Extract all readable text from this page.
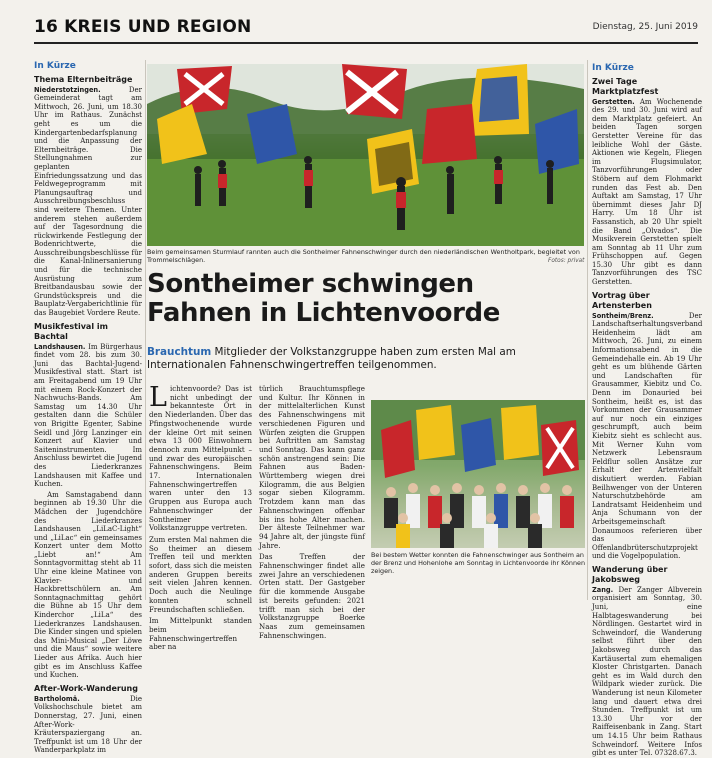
16 KREIS UND REGION	Dienstag, 25. Juni 2019
In Kürze
Thema Elternbeiträge

Niederstotzingen.	Der Gemeinderat tagt am Mittwoch, 26. Juni, um 18.30 Uhr im Rathaus. Zunächst geht es um die Kindergartenbedarfsplanung und die Anpassung der Elternbeiträge. Die Stellungnahmen zur geplanten Einfriedungssatzung und das Feldwegeprogramm mit Planungsauftrag und Ausschreibungsbeschluss sind weitere Themen. Unter anderem stehen außerdem auf der Tagesordnung die rückwirkende Festlegung der Bodenrichtwerte, die Ausschreibungsbeschlüsse für die Kanal-Inlinersanierung und für die technische Ausrüstung zum Breitbandausbau sowie der Grundstückspreis und die Bauplatz-Vergaberichtlinie für das Baugebiet Vordere Reute.

Musikfestival im Bachtal

Landshausen. Im Bürgerhaus findet vom 28. bis zum 30. Juni das Bachtal-Jugend-Musikfestival statt. Start ist am Freitagabend um 19 Uhr mit einem Rock-Konzert der Nachwuchs-Bands. Am Samstag um 14.30 Uhr gestalten dann die Schüler von Brigitte Egenter, Sabine Seidl und Jörg Lanzinger ein Konzert auf Klavier und Saiteninstrumenten. Im Anschluss bewirtet die Jugend des Liederkranzes Landshausen mit Kaffee und Kuchen.

Am Samstagabend dann beginnen ab 19.30 Uhr die Mädchen der Jugendchöre des Liederkranzes Landshausen „LiLaC-Light“ und „LiLac“ ein gemeinsames Konzert unter dem Motto „Liebt an!“ Am Sonntagvormittag steht ab 11 Uhr eine kleine Matinee von Klavier- und Hackbrettschülern an. Am Sonntagnachmittag gehört die Bühne ab 15 Uhr dem Kinderchor „LiLa“ des Liederkranzes Landshausen. Die Kinder singen und spielen das Mini-Musical „Der Löwe und die Maus“ sowie weitere Lieder aus Afrika. Auch hier gibt es im Anschluss Kaffee und Kuchen.

After-Work-Wanderung

Bartholomä.	Die Volkshochschule bietet am Donnerstag, 27. Juni, einen After-Work-Kräuterspaziergang an. Treffpunkt ist um 18 Uhr der Wanderparkplatz im

Beim gemeinsamen Sturmlauf rannten auch die Sontheimer Fahnenschwinger durch den niederländischen Wentholtpark, begleitet von Trommelschlägen.	Fotos: privat
Sontheimer schwingen Fahnen in Lichtenvoorde
Brauchtum Mitglieder der Volkstanzgruppe haben zum ersten Mal am Internationalen Fahnenschwingertreffen teilgenommen.

Lichtenvoorde? Das ist nicht unbedingt der bekannteste Ort in den Niederlanden. Über das Pfingstwochenende wurde der kleine Ort mit seinen etwa 13 000 Einwohnern dennoch zum Mittelpunkt – und zwar des europäischen Fahnenschwingens. Beim 17. Internationalen Fahnenschwingertreffen waren unter den 13 Gruppen aus Europa auch Fahnenschwinger der Sontheimer Volkstanzgruppe vertreten.

Zum ersten Mal nahmen die So theimer an diesem Treffen teil und merkten sofort, dass sich die meisten anderen Gruppen bereits seit vielen Jahren kennen. Doch auch die Neulinge konnten schnell Freundschaften schließen.

Im Mittelpunkt standen beim Fahnenschwingertreffen aber na

türlich Brauchtumspflege und Kultur. Ihr Können in der mittelalterlichen Kunst des Fahnenschwingens mit verschiedenen Figuren und Würfen zeigten die Gruppen bei Auftritten am Samstag und Sonntag. Das kann ganz schön anstrengend sein: Die Fahnen aus Baden-Württemberg wiegen drei Kilogramm, die aus Belgien sogar sieben Kilogramm. Trotzdem kann man das Fahnenschwingen offenbar bis ins hohe Alter machen. Der älteste Teilnehmer war 94 Jahre alt, der jüngste fünf Jahre.

Das Treffen der Fahnenschwinger findet alle zwei Jahre an verschiedenen Orten statt. Der Gastgeber für die kommende Ausgabe ist bereits gefunden: 2021 trifft man sich bei der Volkstanzgruppe Boerke Naas zum gemeinsamen Fahnenschwingen.

Bei bestem Wetter konnten die Fahnenschwinger aus Sontheim an der Brenz und Hohenlohe am Sonntag in Lichtenvoorde ihr Können zeigen.
In Kürze
Zwei Tage Marktplatzfest

Gerstetten. Am Wochenende des 29. und 30. Juni wird auf dem Marktplatz gefeiert. An beiden Tagen sorgen Gerstetter Vereine für das leibliche Wohl der Gäste. Aktionen wie Kegeln, Fliegen im Flugsimulator, Tanzvorführungen oder Stöbern auf dem Flohmarkt runden das Fest ab. Den Auftakt am Samstag, 17 Uhr übernimmt dieses Jahr DJ Harry. Um 18 Uhr ist Fassanstich, ab 20 Uhr spielt die Band „Olvados“. Die Musikverein Gerstetten spielt am Sonntag ab 11 Uhr zum Frühschoppen auf. Gegen 15.30 Uhr gibt es dann Tanzvorführungen des TSC Gerstetten.

Vortrag über Artensterben

Sontheim/Brenz.	Der Landschaftserhaltungsverband Heidenheim lädt am Mittwoch, 26. Juni, zu einem Informationsabend in die Gemeindehalle ein. Ab 19 Uhr geht es um blühende Gärten und Landschaften für Grausammer, Kiebitz und Co. Denn im Donauried bei Sontheim, heißt es, ist das Vorkommen der Grausammer auf nur noch ein einziges geschrumpft, auch beim Kiebitz sieht es schlecht aus. Mit Werner Kuhn vom Netzwerk Lebensraum Feldflur sollen Ansätze zur Erhalt der Artenvielfalt diskutiert werden. Fabian Beilhwenger von der Unteren Naturschutzbehörde am Landratsamt Heidenheim und Anja Schumann von der Arbeitsgemeinschaft Donaumoos referieren über das Offenlandbrüterschutzprojekt und die Vogelpopulation.

Wanderung über Jakobsweg

Zang. Der Zanger Albverein organisiert am Sonntag, 30. Juni, eine Halbtageswanderung bei Nördlingen. Gestartet wird in Schweindorf, die Wanderung selbst führt über den Jakobsweg durch das Kartäusertal zum ehemaligen Kloster Christgarten. Danach geht es im Wald durch den Wildpark wieder zurück. Die Wanderung ist neun Kilometer lang und dauert etwa drei Stunden. Treffpunkt ist um 13.30 Uhr vor der Raiffeisenbank in Zang. Start um 14.15 Uhr beim Rathaus Schweindorf. Weitere Infos gibt es unter Tel. 07328.67.3.
